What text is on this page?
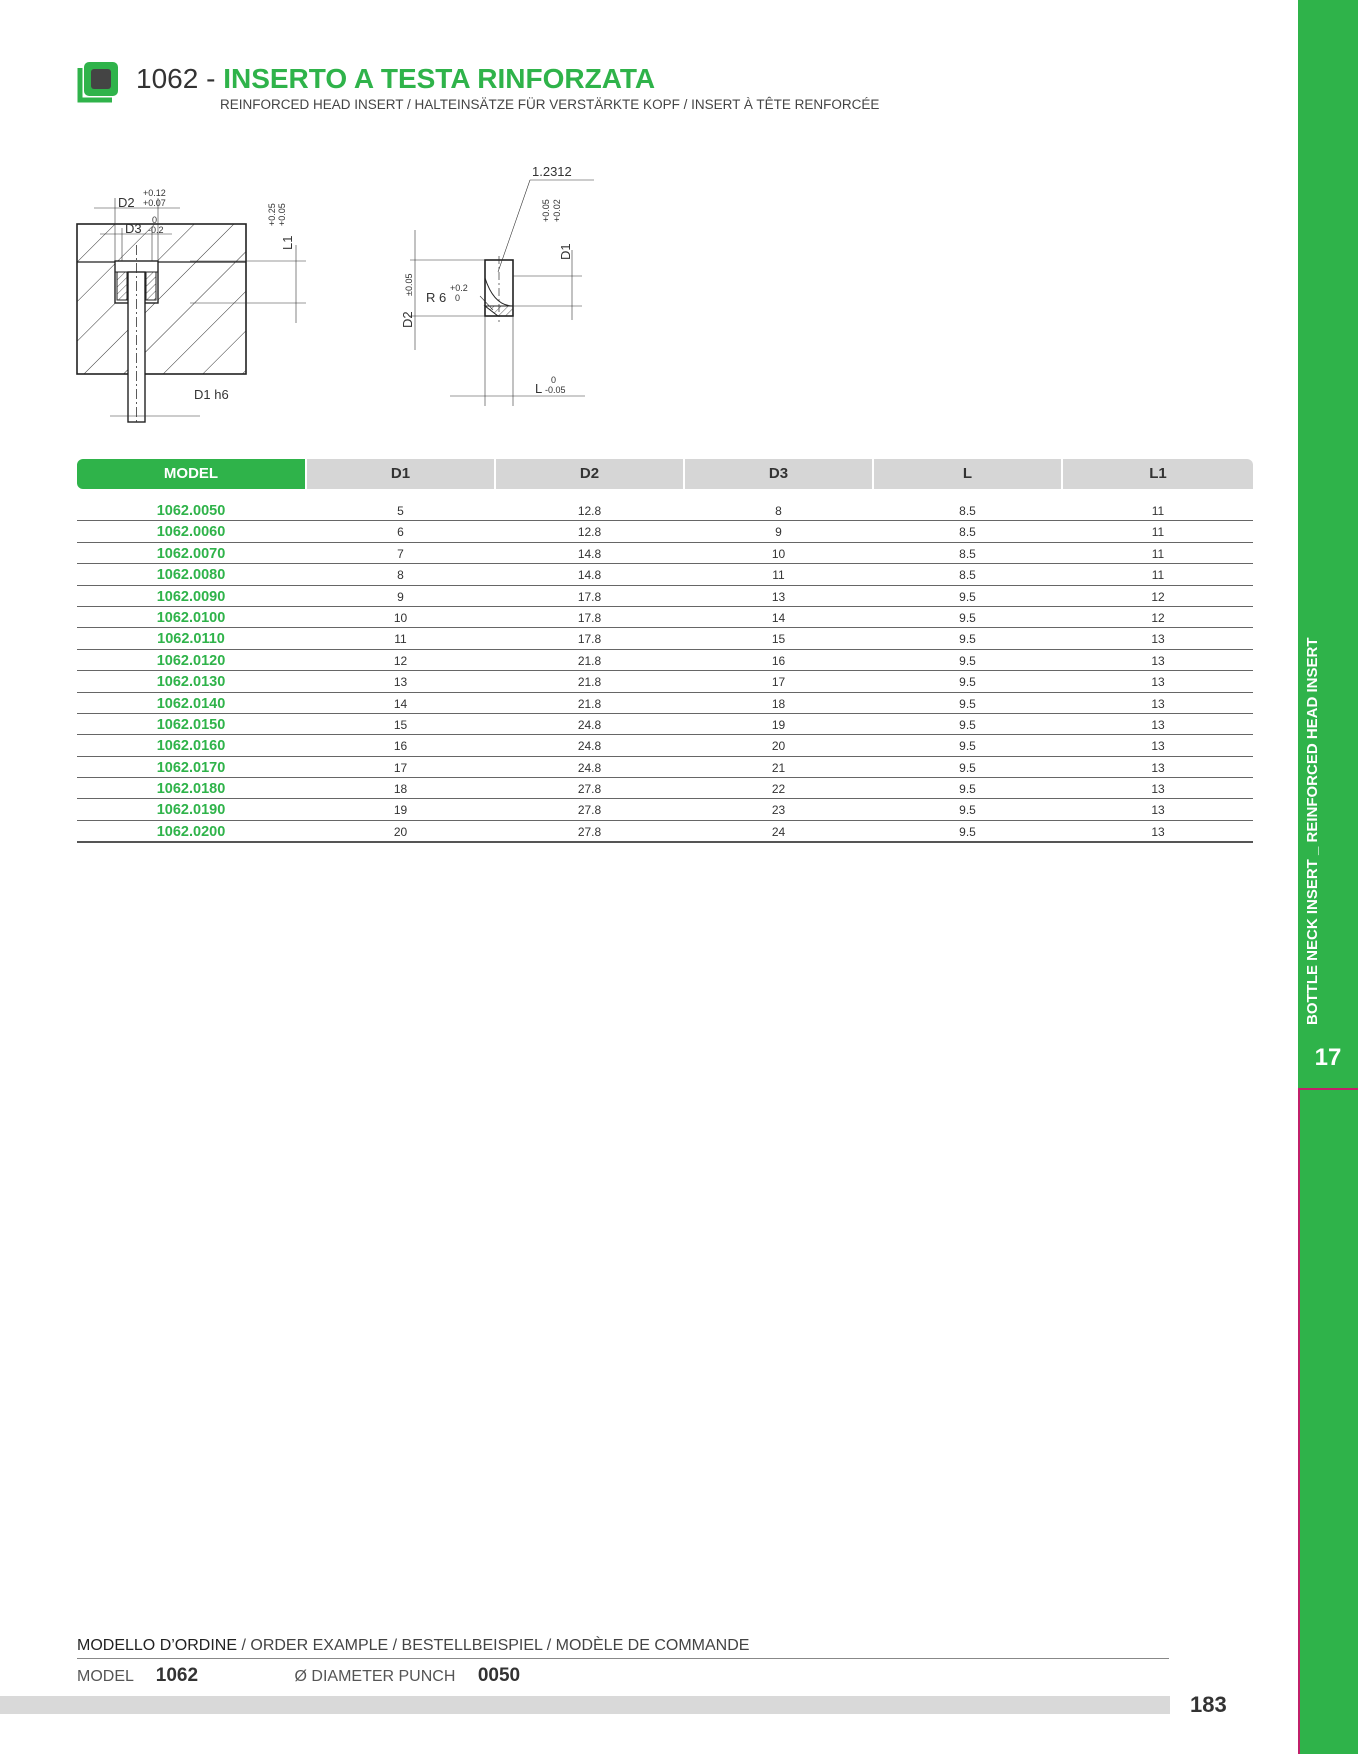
1062 - INSERTO A TESTA RINFORZATA
REINFORCED HEAD INSERT / HALTEINSÄTZE FÜR VERSTÄRKTE KOPF / INSERT À TÊTE RENFORCÉE
D2
+0.12
+0.07
D3
0
-0.2
L1
+0.25 +0.05
D1 h6
D2
±0.05
D1
+0.05 +0.02
1.2312
R 6
+0.2
0
L
0
-0.05
MODEL	D1	D2	D3	L	L1
1062.0050	5	12.8	8	8.5	11
1062.0060	6	12.8	9	8.5	11
1062.0070	7	14.8	10	8.5	11
1062.0080	8	14.8	11	8.5	11
1062.0090	9	17.8	13	9.5	12
1062.0100	10	17.8	14	9.5	12
1062.0110	11	17.8	15	9.5	13
1062.0120	12	21.8	16	9.5	13
1062.0130	13	21.8	17	9.5	13
1062.0140	14	21.8	18	9.5	13
1062.0150	15	24.8	19	9.5	13
1062.0160	16	24.8	20	9.5	13
1062.0170	17	24.8	21	9.5	13
1062.0180	18	27.8	22	9.5	13
1062.0190	19	27.8	23	9.5	13
1062.0200	20	27.8	24	9.5	13	BOTTLE NECK INSERT _ REINFORCED HEAD INSERT
17
MODELLO D’ORDINE / ORDER EXAMPLE / BESTELLBEISPIEL / MODÈLE DE COMMANDE
MODEL 1062	Ø DIAMETER PUNCH 0050
183
